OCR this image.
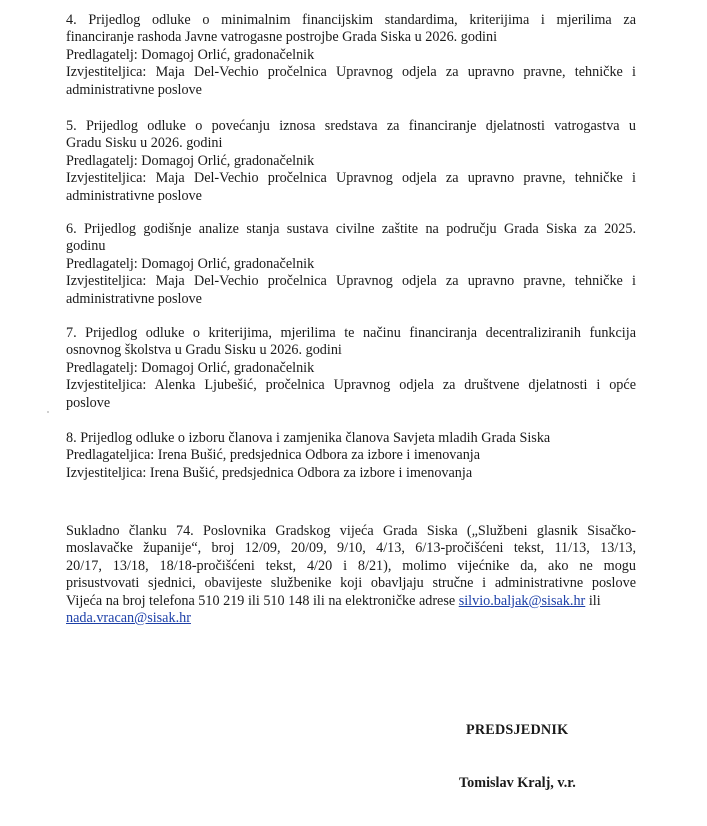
4. Prijedlog odluke o minimalnim financijskim standardima, kriterijima i mjerilima za
financiranje rashoda Javne vatrogasne postrojbe Grada Siska u 2026. godini
Predlagatelj: Domagoj Orlić, gradonačelnik
Izvjestiteljica: Maja Del-Vechio pročelnica Upravnog odjela za upravno pravne, tehničke i
administrativne poslove
5. Prijedlog odluke o povećanju iznosa sredstava za financiranje djelatnosti vatrogastva u
Gradu Sisku u 2026. godini
Predlagatelj: Domagoj Orlić, gradonačelnik
Izvjestiteljica: Maja Del-Vechio pročelnica Upravnog odjela za upravno pravne, tehničke i
administrativne poslove
6. Prijedlog godišnje analize stanja sustava civilne zaštite na području Grada Siska za 2025.
godinu
Predlagatelj: Domagoj Orlić, gradonačelnik
Izvjestiteljica: Maja Del-Vechio pročelnica Upravnog odjela za upravno pravne, tehničke i
administrativne poslove
7. Prijedlog odluke o kriterijima, mjerilima te načinu financiranja decentraliziranih funkcija
osnovnog školstva u Gradu Sisku u 2026. godini
Predlagatelj: Domagoj Orlić, gradonačelnik
Izvjestiteljica: Alenka Ljubešić, pročelnica Upravnog odjela za društvene djelatnosti i opće
poslove
8. Prijedlog odluke o izboru članova i zamjenika članova Savjeta mladih Grada Siska
Predlagateljica: Irena Bušić, predsjednica Odbora za izbore i imenovanja
Izvjestiteljica: Irena Bušić, predsjednica Odbora za izbore i imenovanja
Sukladno članku 74. Poslovnika Gradskog vijeća Grada Siska („Službeni glasnik Sisačko-
moslavačke županije“, broj 12/09, 20/09, 9/10, 4/13, 6/13-pročišćeni tekst, 11/13, 13/13,
20/17, 13/18, 18/18-pročišćeni tekst, 4/20 i 8/21), molimo vijećnike da, ako ne mogu
prisustvovati sjednici, obavijeste službenike koji obavljaju stručne i administrativne poslove
Vijeća na broj telefona 510 219 ili 510 148 ili na elektroničke adrese silvio.baljak@sisak.hr ili
nada.vracan@sisak.hr
PREDSJEDNIK
Tomislav Kralj, v.r.
